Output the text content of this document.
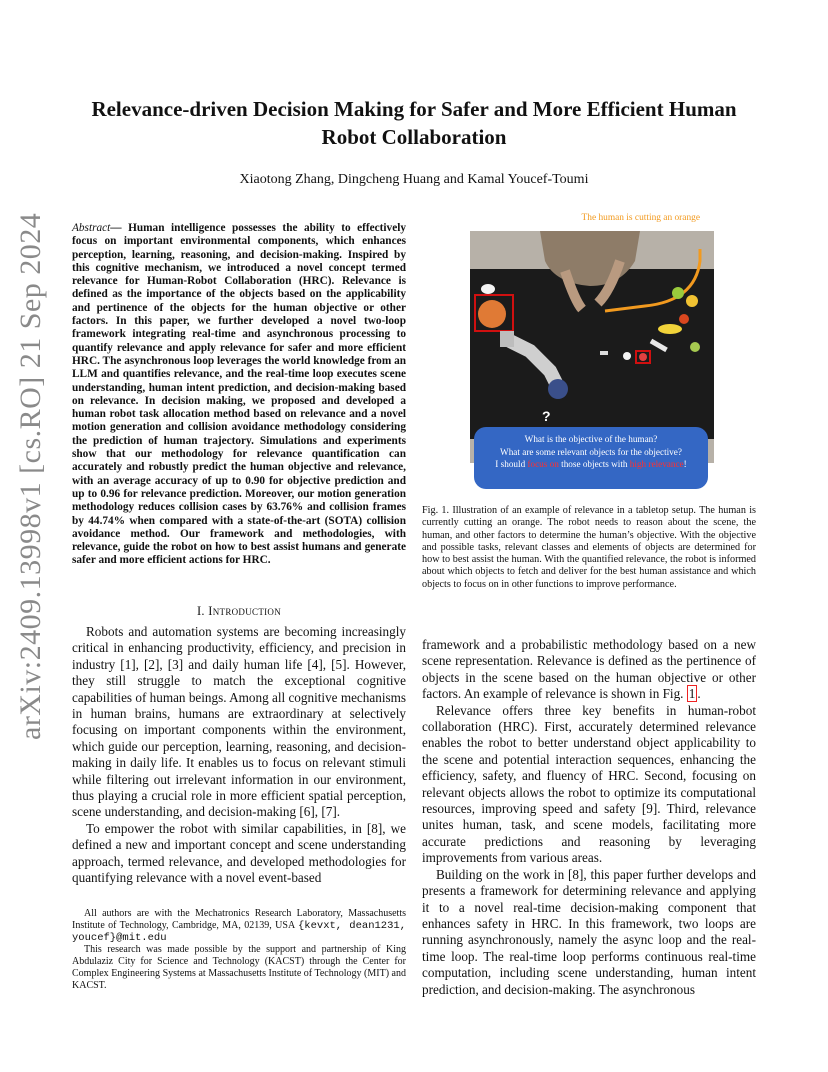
arXiv:2409.13998v1 [cs.RO] 21 Sep 2024
Relevance-driven Decision Making for Safer and More Efficient Human
Robot Collaboration
Xiaotong Zhang, Dingcheng Huang and Kamal Youcef-Toumi
Abstract— Human intelligence possesses the ability to effectively focus on important environmental components, which enhances perception, learning, reasoning, and decision-making. Inspired by this cognitive mechanism, we introduced a novel concept termed relevance for Human-Robot Collaboration (HRC). Relevance is defined as the importance of the objects based on the applicability and pertinence of the objects for the human objective or other factors. In this paper, we further developed a novel two-loop framework integrating real-time and asynchronous processing to quantify relevance and apply relevance for safer and more efficient HRC. The asynchronous loop leverages the world knowledge from an LLM and quantifies relevance, and the real-time loop executes scene understanding, human intent prediction, and decision-making based on relevance. In decision making, we proposed and developed a human robot task allocation method based on relevance and a novel motion generation and collision avoidance methodology considering the prediction of human trajectory. Simulations and experiments show that our methodology for relevance quantification can accurately and robustly predict the human objective and relevance, with an average accuracy of up to 0.90 for objective prediction and up to 0.96 for relevance prediction. Moreover, our motion generation methodology reduces collision cases by 63.76% and collision frames by 44.74% when compared with a state-of-the-art (SOTA) collision avoidance method. Our framework and methodologies, with relevance, guide the robot on how to best assist humans and generate safer and more efficient actions for HRC.
I. Introduction

Robots and automation systems are becoming increasingly critical in enhancing productivity, efficiency, and precision in industry [1], [2], [3] and daily human life [4], [5]. However, they still struggle to match the exceptional cognitive capabilities of human beings. Among all cognitive mechanisms in human brains, humans are extraordinary at selectively focusing on important components within the environment, which guide our perception, learning, reasoning, and decision-making in daily life. It enables us to focus on relevant stimuli while filtering out irrelevant information in our environment, thus playing a crucial role in more efficient spatial perception, scene understanding, and decision-making [6], [7].

To empower the robot with similar capabilities, in [8], we defined a new and important concept and scene understanding approach, termed relevance, and developed methodologies for quantifying relevance with a novel event-based

All authors are with the Mechatronics Research Laboratory, Massachusetts Institute of Technology, Cambridge, MA, 02139, USA {kevxt, dean1231, youcef}@mit.edu

This research was made possible by the support and partnership of King Abdulaziz City for Science and Technology (KACST) through the Center for Complex Engineering Systems at Massachusetts Institute of Technology (MIT) and KACST.

The human is cutting an orange
?
What is the objective of the human?
What are some relevant objects for the objective?
I should focus on those objects with high relevance!
Fig. 1. Illustration of an example of relevance in a tabletop setup. The human is currently cutting an orange. The robot needs to reason about the scene, the human, and other factors to determine the human’s objective. With the objective and possible tasks, relevant classes and elements of objects are determined for how to best assist the human. With the quantified relevance, the robot is informed about which objects to fetch and deliver for the best human assistance and which objects to focus on in other functions to improve performance.

framework and a probabilistic methodology based on a new scene representation. Relevance is defined as the pertinence of objects in the scene based on the human objective or other factors. An example of relevance is shown in Fig. 1 .

Relevance offers three key benefits in human-robot collaboration (HRC). First, accurately determined relevance enables the robot to better understand object applicability to the scene and potential interaction sequences, enhancing the efficiency, safety, and fluency of HRC. Second, focusing on relevant objects allows the robot to optimize its computational resources, improving speed and safety [9]. Third, relevance unites human, task, and scene models, facilitating more accurate predictions and reasoning by leveraging improvements from various areas.

Building on the work in [8], this paper further develops and presents a framework for determining relevance and applying it to a novel real-time decision-making component that enhances safety in HRC. In this framework, two loops are running asynchronously, namely the async loop and the real-time loop. The real-time loop performs continuous real-time computation, including scene understanding, human intent prediction, and decision-making. The asynchronous
